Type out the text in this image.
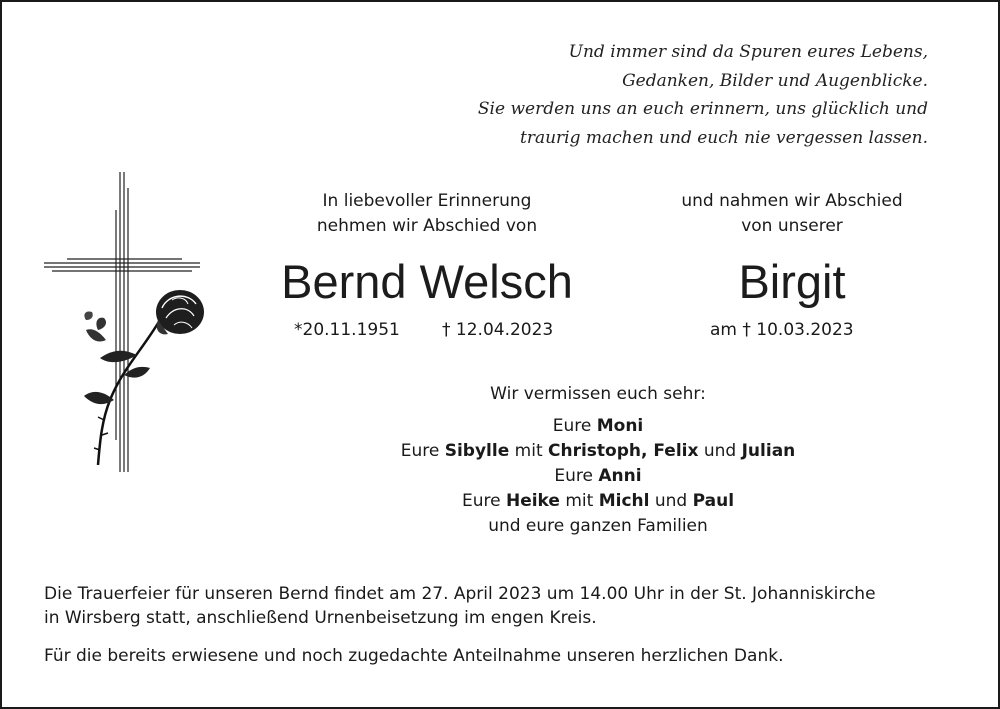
Und immer sind da Spuren eures Lebens,
Gedanken, Bilder und Augenblicke.
Sie werden uns an euch erinnern, uns glücklich und
traurig machen und euch nie vergessen lassen.
In liebevoller Erinnerung
nehmen wir Abschied von
und nahmen wir Abschied
von unserer
Bernd Welsch	Birgit
*20.11.1951 † 12.04.2023	am † 10.03.2023
Wir vermissen euch sehr:
Eure Moni
Eure Sibylle mit Christoph, Felix und Julian
Eure Anni
Eure Heike mit Michl und Paul
und eure ganzen Familien

Die Trauerfeier für unseren Bernd findet am 27. April 2023 um 14.00 Uhr in der St. Johanniskirche
in Wirsberg statt, anschließend Urnenbeisetzung im engen Kreis.

Für die bereits erwiesene und noch zugedachte Anteilnahme unseren herzlichen Dank.
